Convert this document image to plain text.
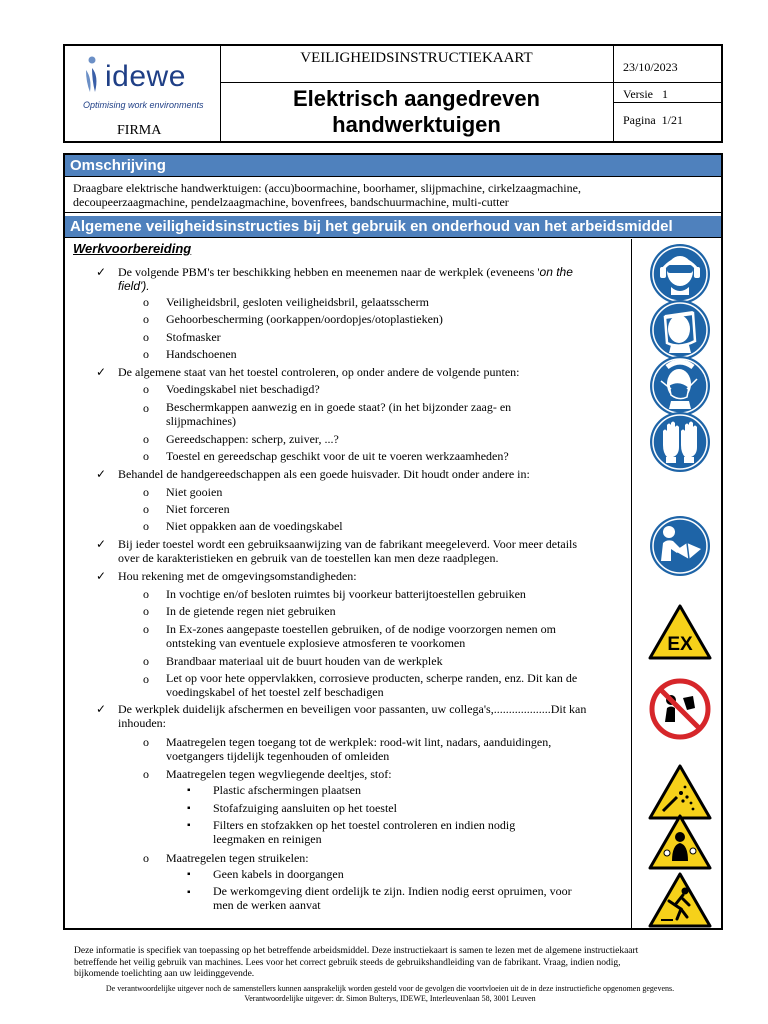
idewe
Optimising work environments
FIRMA
VEILIGHEIDSINSTRUCTIEKAART
Elektrisch aangedreven
handwerktuigen
23/10/2023
Versie   1
Pagina  1/21
Omschrijving
Draagbare elektrische handwerktuigen: (accu)boormachine, boorhamer, slijpmachine, cirkelzaagmachine,
decoupeerzaagmachine, pendelzaagmachine, bovenfrees, bandschuurmachine, multi-cutter
Algemene veiligheidsinstructies bij het gebruik en onderhoud van het arbeidsmiddel
Werkvoorbereiding
✓ De volgende PBM's ter beschikking hebben en meenemen naar de werkplek (eveneens 'on the
field').
o Veiligheidsbril, gesloten veiligheidsbril, gelaatsscherm
o Gehoorbescherming (oorkappen/oordopjes/otoplastieken)
o Stofmasker
o Handschoenen
✓ De algemene staat van het toestel controleren, op onder andere de volgende punten:
o Voedingskabel niet beschadigd?
o Beschermkappen aanwezig en in goede staat? (in het bijzonder zaag- en
slijpmachines)
o Gereedschappen: scherp, zuiver, ...?
o Toestel en gereedschap geschikt voor de uit te voeren werkzaamheden?
✓ Behandel de handgereedschappen als een goede huisvader. Dit houdt onder andere in:
o Niet gooien
o Niet forceren
o Niet oppakken aan de voedingskabel
✓ Bij ieder toestel wordt een gebruiksaanwijzing van de fabrikant meegeleverd. Voor meer details
over de karakteristieken en gebruik van de toestellen kan men deze raadplegen.
✓ Hou rekening met de omgevingsomstandigheden:
o In vochtige en/of besloten ruimtes bij voorkeur batterijtoestellen gebruiken
o In de gietende regen niet gebruiken
o In Ex-zones aangepaste toestellen gebruiken, of de nodige voorzorgen nemen om
ontsteking van eventuele explosieve atmosferen te voorkomen
o Brandbaar materiaal uit de buurt houden van de werkplek
o Let op voor hete oppervlakken, corrosieve producten, scherpe randen, enz. Dit kan de
voedingskabel of het toestel zelf beschadigen
✓ De werkplek duidelijk afschermen en beveiligen voor passanten, uw collega's,...................Dit kan
inhouden:
o Maatregelen tegen toegang tot de werkplek: rood-wit lint, nadars, aanduidingen,
voetgangers tijdelijk tegenhouden of omleiden
o Maatregelen tegen wegvliegende deeltjes, stof:
▪ Plastic afschermingen plaatsen
▪ Stofafzuiging aansluiten op het toestel
▪ Filters en stofzakken op het toestel controleren en indien nodig
leegmaken en reinigen
o Maatregelen tegen struikelen:
▪ Geen kabels in doorgangen
▪ De werkomgeving dient ordelijk te zijn. Indien nodig eerst opruimen, voor
men de werken aanvat
EX
Deze informatie is specifiek van toepassing op het betreffende arbeidsmiddel. Deze instructiekaart is samen te lezen met de algemene instructiekaart
betreffende het veilig gebruik van machines. Lees voor het correct gebruik steeds de gebruikshandleiding van de fabrikant. Vraag, indien nodig,
bijkomende toelichting aan uw leidinggevende.
De verantwoordelijke uitgever noch de samenstellers kunnen aansprakelijk worden gesteld voor de gevolgen die voortvloeien uit de in deze instructiefiche opgenomen gegevens.
Verantwoordelijke uitgever: dr. Simon Bulterys, IDEWE, Interleuvenlaan 58, 3001 Leuven
